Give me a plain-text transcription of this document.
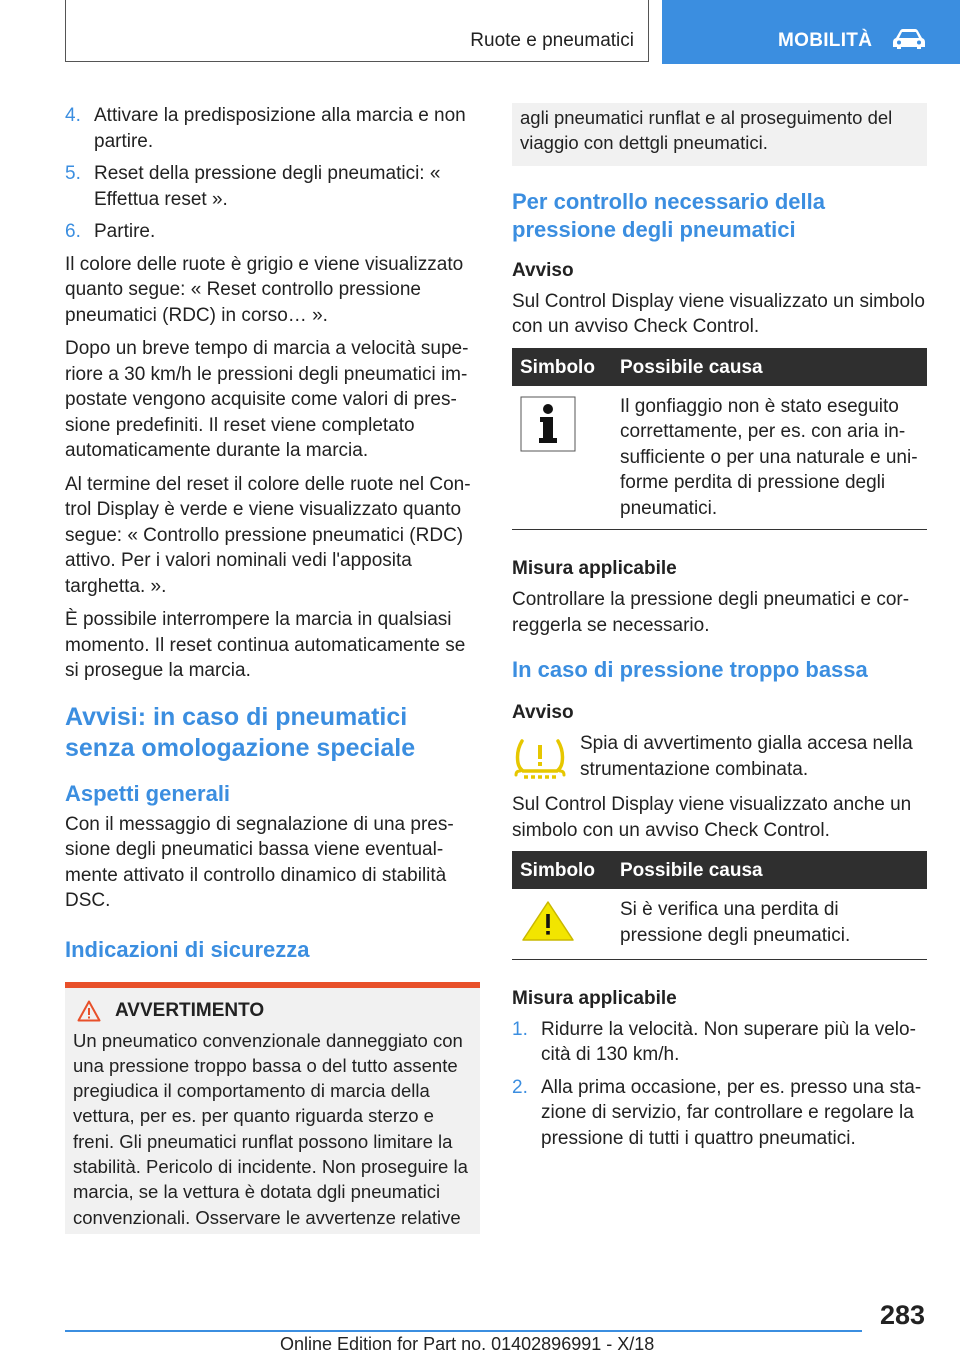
Ruote e pneumatici	MOBILITÀ
4. Attivare la predisposizione alla marcia e non partire.
5. Reset della pressione degli pneumatici: « Effettua reset ».
6. Partire.

Il colore delle ruote è grigio e viene visualizzato quanto segue: « Reset controllo pressione pneumatici (RDC) in corso… ».

Dopo un breve tempo di marcia a velocità superiore a 30 km/h le pressioni degli pneumatici impostate vengono acquisite come valori di pressione predefiniti. Il reset viene completato automaticamente durante la marcia.

Al termine del reset il colore delle ruote nel Control Display è verde e viene visualizzato quanto segue: « Controllo pressione pneumatici (RDC) attivo. Per i valori nominali vedi l'apposita targhetta. ».

È possibile interrompere la marcia in qualsiasi momento. Il reset continua automaticamente se si prosegue la marcia.

Avvisi: in caso di pneumatici senza omologazione speciale
Aspetti generali

Con il messaggio di segnalazione di una pressione degli pneumatici bassa viene eventualmente attivato il controllo dinamico di stabilità DSC.

Indicazioni di sicurezza
AVVERTIMENTO

Un pneumatico convenzionale danneggiato con una pressione troppo bassa o del tutto assente pregiudica il comportamento di marcia della vettura, per es. per quanto riguarda sterzo e freni. Gli pneumatici runflat possono limitare la stabilità. Pericolo di incidente. Non proseguire la marcia, se la vettura è dotata dgli pneumatici convenzionali. Osservare le avvertenze relative

agli pneumatici runflat e al proseguimento del viaggio con dettgli pneumatici.

Per controllo necessario della pressione degli pneumatici
Avviso

Sul Control Display viene visualizzato un simbolo con un avviso Check Control.

Simbolo	Possibile causa
	Il gonfiaggio non è stato eseguito correttamente, per es. con aria insufficiente o per una naturale e uniforme perdita di pressione degli pneumatici.
Misura applicabile

Controllare la pressione degli pneumatici e correggerla se necessario.

In caso di pressione troppo bassa
Avviso

Spia di avvertimento gialla accesa nella strumentazione combinata.

Sul Control Display viene visualizzato anche un simbolo con un avviso Check Control.

Simbolo	Possibile causa
	Si è verifica una perdita di pressione degli pneumatici.
Misura applicabile
1. Ridurre la velocità. Non superare più la velocità di 130 km/h.
2. Alla prima occasione, per es. presso una stazione di servizio, far controllare e regolare la pressione di tutti i quattro pneumatici.
283
Online Edition for Part no. 01402896991 - X/18
